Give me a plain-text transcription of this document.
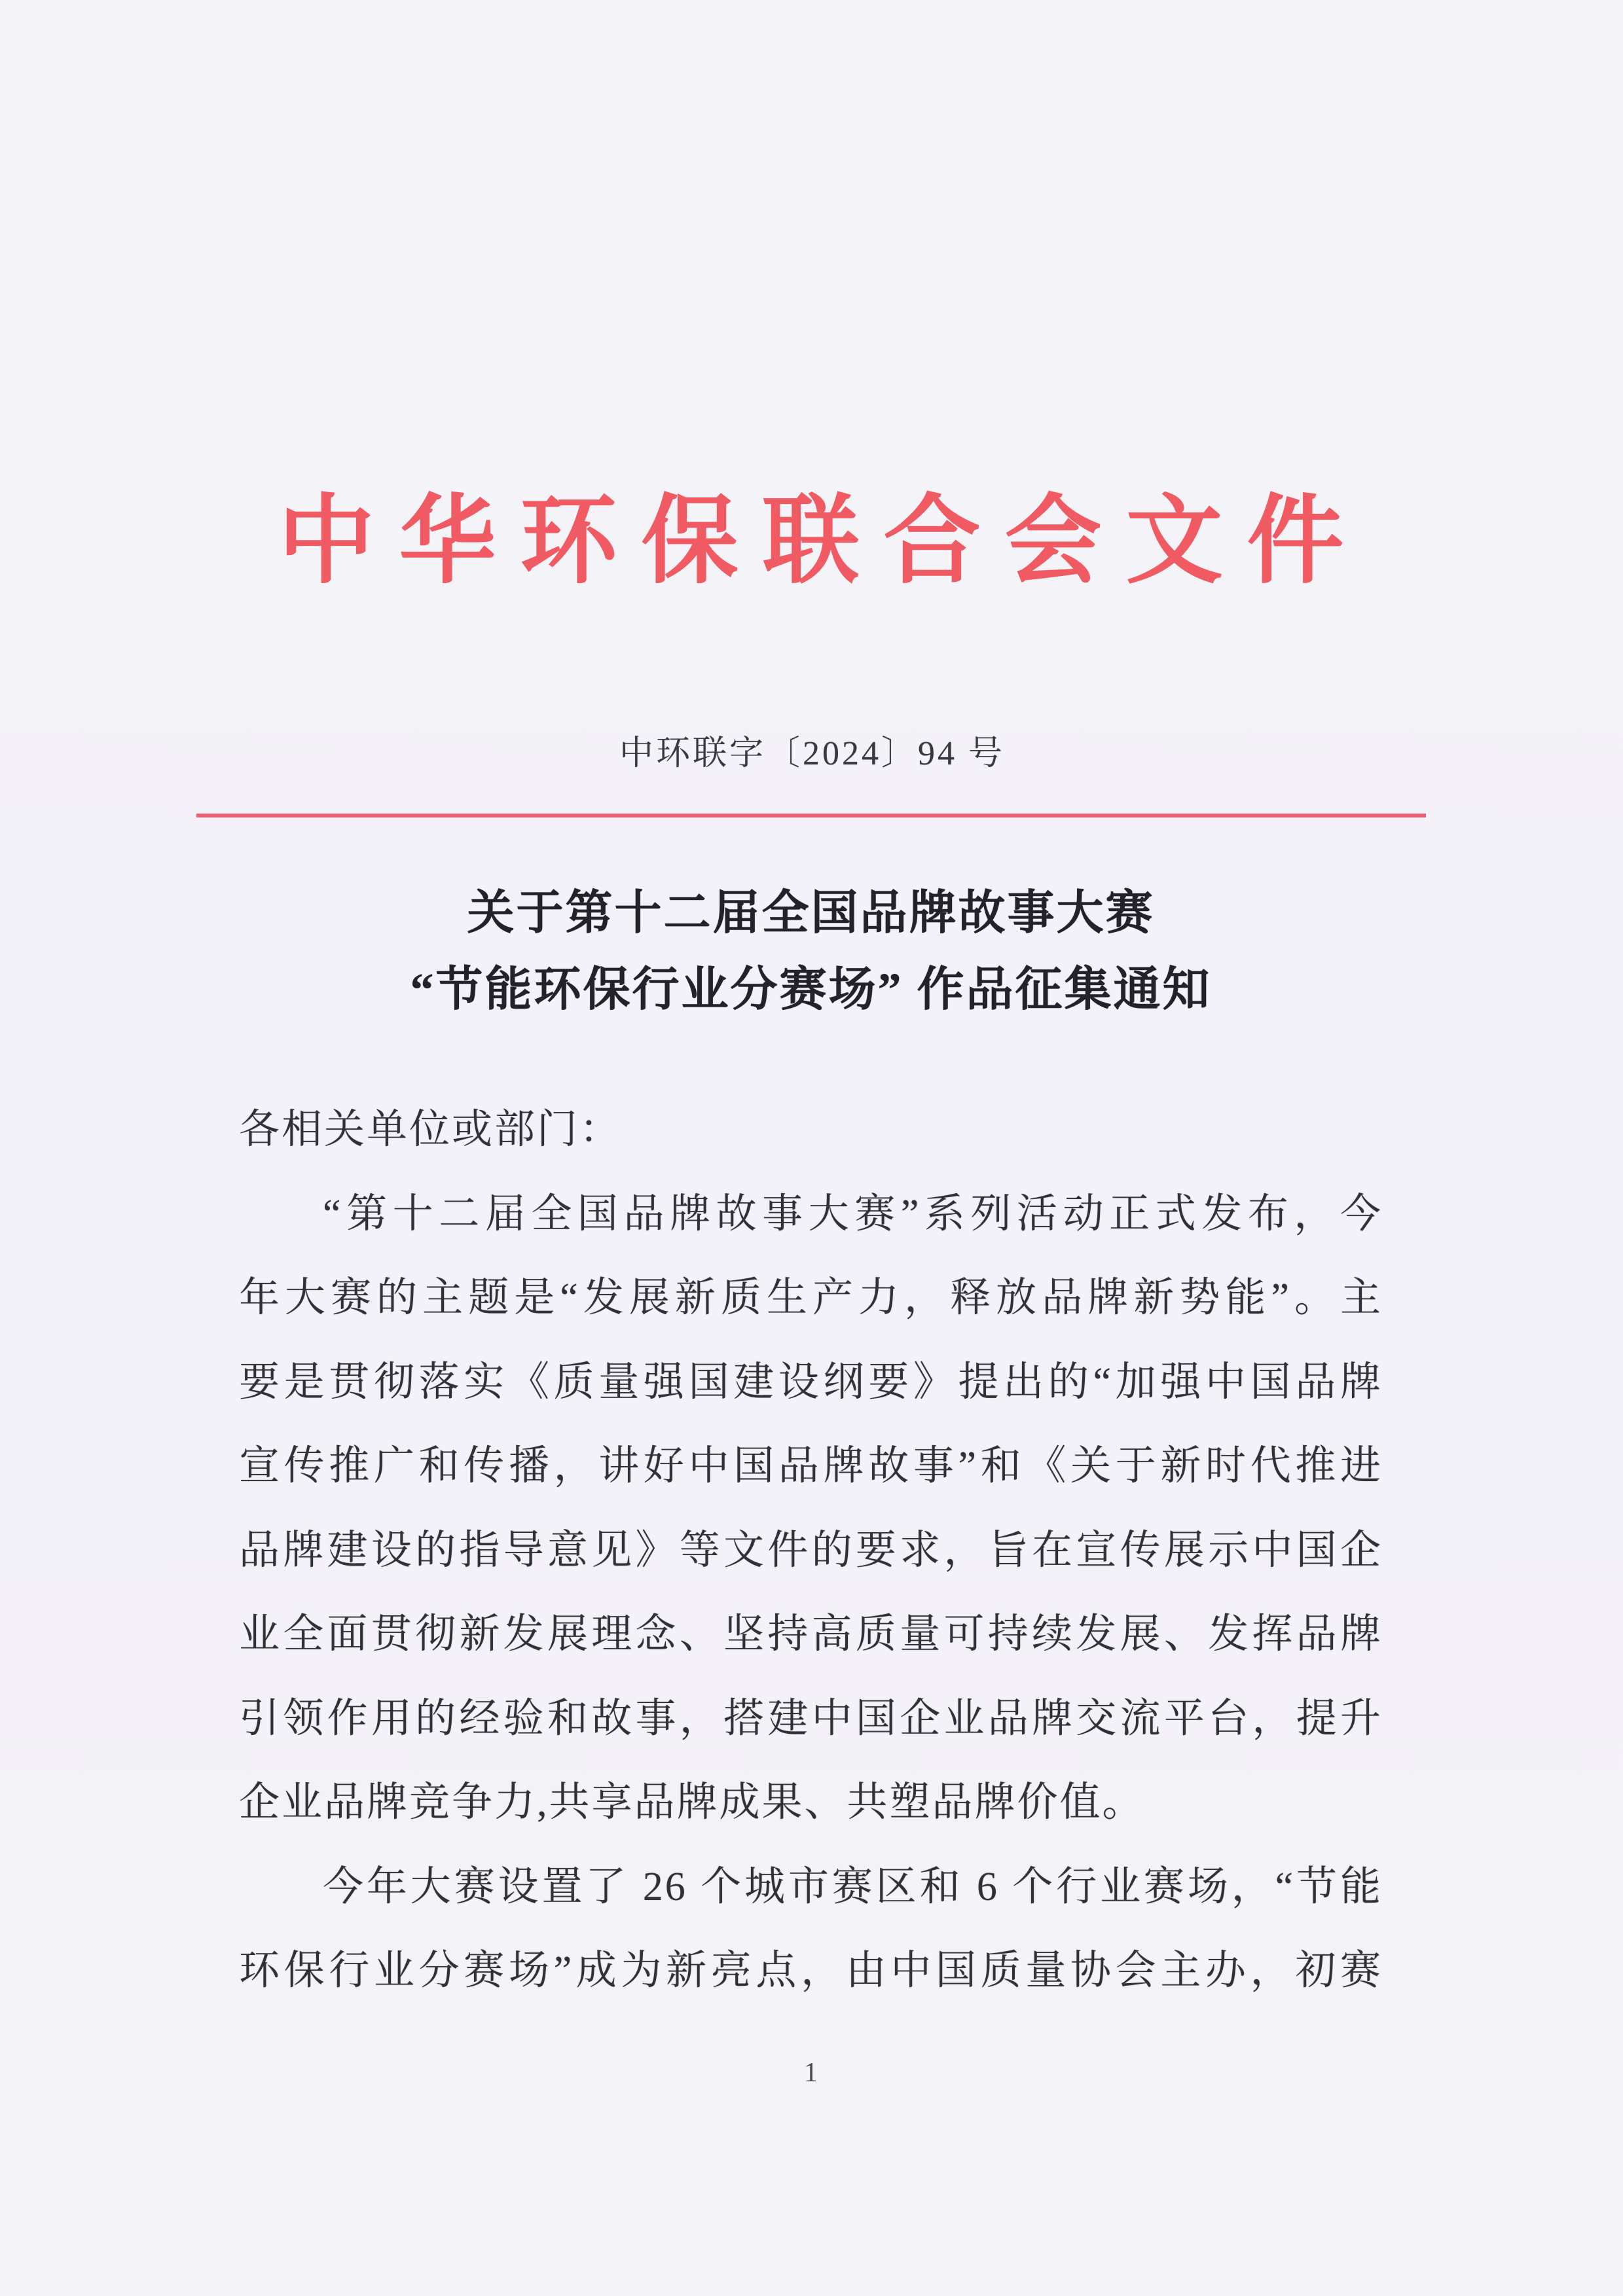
中华环保联合会文件
中环联字〔2024〕94 号
关于第十二届全国品牌故事大赛
“节能环保行业分赛场” 作品征集通知
各相关单位或部门：
“第十二届全国品牌故事大赛”系列活动正式发布，今
年大赛的主题是“发展新质生产力，释放品牌新势能”。主
要是贯彻落实《质量强国建设纲要》提出的“加强中国品牌
宣传推广和传播，讲好中国品牌故事”和《关于新时代推进
品牌建设的指导意见》等文件的要求，旨在宣传展示中国企
业全面贯彻新发展理念、坚持高质量可持续发展、发挥品牌
引领作用的经验和故事，搭建中国企业品牌交流平台，提升
企业品牌竞争力,共享品牌成果、共塑品牌价值。
今年大赛设置了 26 个城市赛区和 6 个行业赛场，“节能
环保行业分赛场”成为新亮点，由中国质量协会主办，初赛
1
